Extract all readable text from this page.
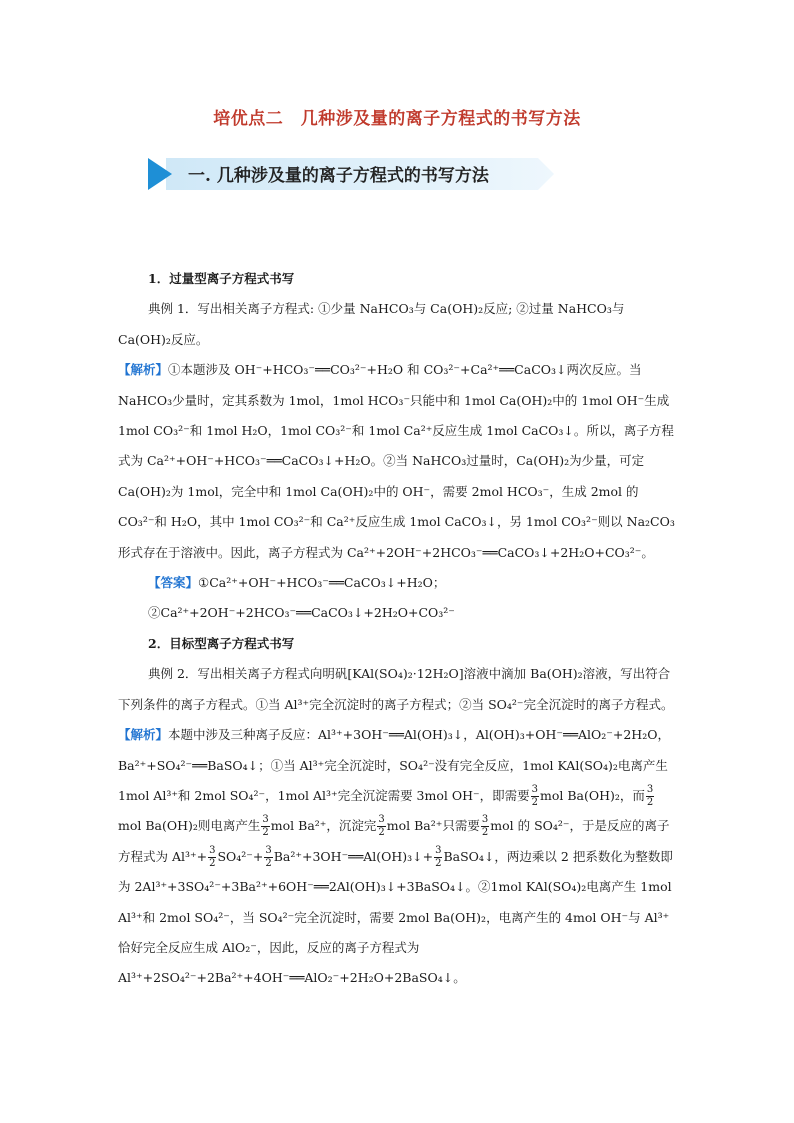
培优点二　几种涉及量的离子方程式的书写方法
一. 几种涉及量的离子方程式的书写方法

1．过量型离子方程式书写

典例 1．写出相关离子方程式: ①少量 NaHCO₃与 Ca(OH)₂反应; ②过量 NaHCO₃与 Ca(OH)₂反应。

【解析】①本题涉及 OH⁻+HCO₃⁻══CO₃²⁻+H₂O 和 CO₃²⁻+Ca²⁺══CaCO₃↓两次反应。当 NaHCO₃少量时，定其系数为 1mol，1mol HCO₃⁻只能中和 1mol Ca(OH)₂中的 1mol OH⁻生成 1mol CO₃²⁻和 1mol H₂O，1mol CO₃²⁻和 1mol Ca²⁺反应生成 1mol CaCO₃↓。所以，离子方程式为 Ca²⁺+OH⁻+HCO₃⁻══CaCO₃↓+H₂O。②当 NaHCO₃过量时，Ca(OH)₂为少量，可定 Ca(OH)₂为 1mol，完全中和 1mol Ca(OH)₂中的 OH⁻，需要 2mol HCO₃⁻，生成 2mol 的 CO₃²⁻和 H₂O，其中 1mol CO₃²⁻和 Ca²⁺反应生成 1mol CaCO₃↓，另 1mol CO₃²⁻则以 Na₂CO₃形式存在于溶液中。因此，离子方程式为 Ca²⁺+2OH⁻+2HCO₃⁻══CaCO₃↓+2H₂O+CO₃²⁻。

【答案】①Ca²⁺+OH⁻+HCO₃⁻══CaCO₃↓+H₂O；②Ca²⁺+2OH⁻+2HCO₃⁻══CaCO₃↓+2H₂O+CO₃²⁻

2．目标型离子方程式书写

典例 2．写出相关离子方程式向明矾[KAl(SO₄)₂·12H₂O]溶液中滴加 Ba(OH)₂溶液，写出符合下列条件的离子方程式。①当 Al³⁺完全沉淀时的离子方程式；②当 SO₄²⁻完全沉淀时的离子方程式。

【解析】本题中涉及三种离子反应：Al³⁺+3OH⁻══Al(OH)₃↓，Al(OH)₃+OH⁻══AlO₂⁻+2H₂O，Ba²⁺+SO₄²⁻══BaSO₄↓；①当 Al³⁺完全沉淀时，SO₄²⁻没有完全反应，1mol KAl(SO₄)₂电离产生 1mol Al³⁺和 2mol SO₄²⁻，1mol Al³⁺完全沉淀需要 3mol OH⁻，即需要 $\frac{3}{2}$ mol Ba(OH)₂，而 $\frac{3}{2}$
mol Ba(OH)₂则电离产生 $\frac{3}{2}$ mol Ba²⁺，沉淀完 $\frac{3}{2}$ mol Ba²⁺只需要 $\frac{3}{2}$ mol 的 SO₄²⁻，于是反应的离子方程式为 $Al^{3+}+ \frac{3}{2} SO_4^{2-}+ \frac{3}{2}$ Ba²⁺+3OH⁻══Al(OH)₃↓+ $\frac{3}{2}$ BaSO₄↓，两边乘以 2 把系数化为整数即为 2Al³⁺+3SO₄²⁻+3Ba²⁺+6OH⁻══2Al(OH)₃↓+3BaSO₄↓。②1mol KAl(SO₄)₂电离产生 1mol Al³⁺和 2mol SO₄²⁻，当 SO₄²⁻完全沉淀时，需要 2mol Ba(OH)₂，电离产生的 4mol OH⁻与 Al³⁺恰好完全反应生成 AlO₂⁻，因此，反应的离子方程式为 Al³⁺+2SO₄²⁻+2Ba²⁺+4OH⁻══AlO₂⁻+2H₂O+2BaSO₄↓。
